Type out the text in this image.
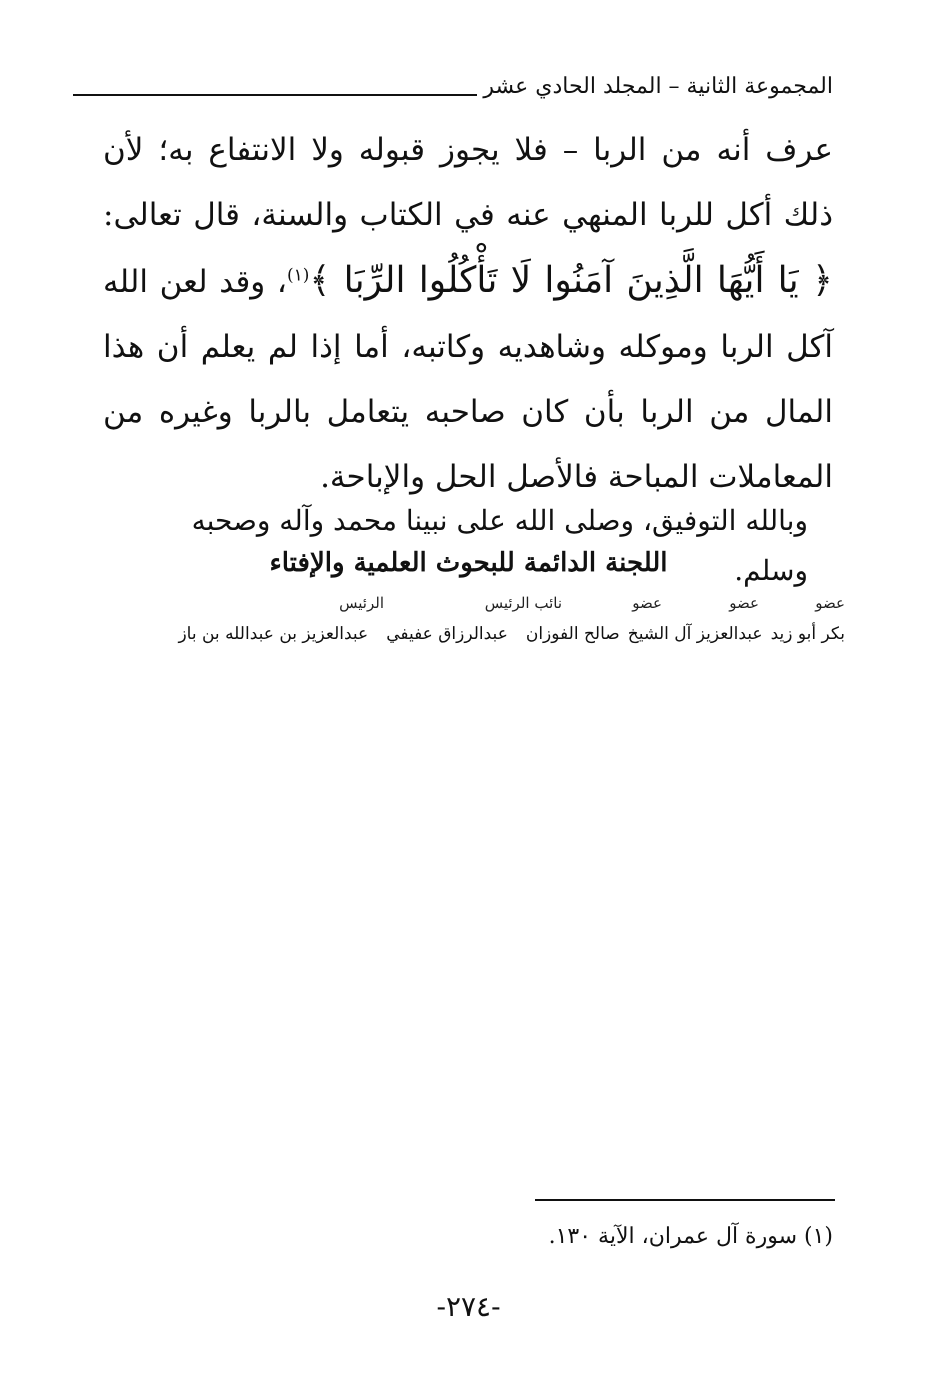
المجموعة الثانية – المجلد الحادي عشر

عرف أنه من الربا – فلا يجوز قبوله ولا الانتفاع به؛ لأن ذلك أكل للربا المنهي عنه في الكتاب والسنة، قال تعالى: ﴿ يَا أَيُّهَا الَّذِينَ آمَنُوا لَا تَأْكُلُوا الرِّبَا ﴾$^{(١)}$، وقد لعن الله آكل الربا وموكله وشاهديه وكاتبه، أما إذا لم يعلم أن هذا المال من الربا بأن كان صاحبه يتعامل بالربا وغيره من المعاملات المباحة فالأصل الحل والإباحة.

وبالله التوفيق، وصلى الله على نبينا محمد وآله وصحبه وسلم.
اللجنة الدائمة للبحوث العلمية والإفتاء
عضو
عضو
عضو
نائب الرئيس
الرئيس
بكر أبو زيد
عبدالعزيز آل الشيخ
صالح الفوزان
عبدالرزاق عفيفي
عبدالعزيز بن عبدالله بن باز
(١) سورة آل عمران، الآية ١٣٠.
-٢٧٤-
